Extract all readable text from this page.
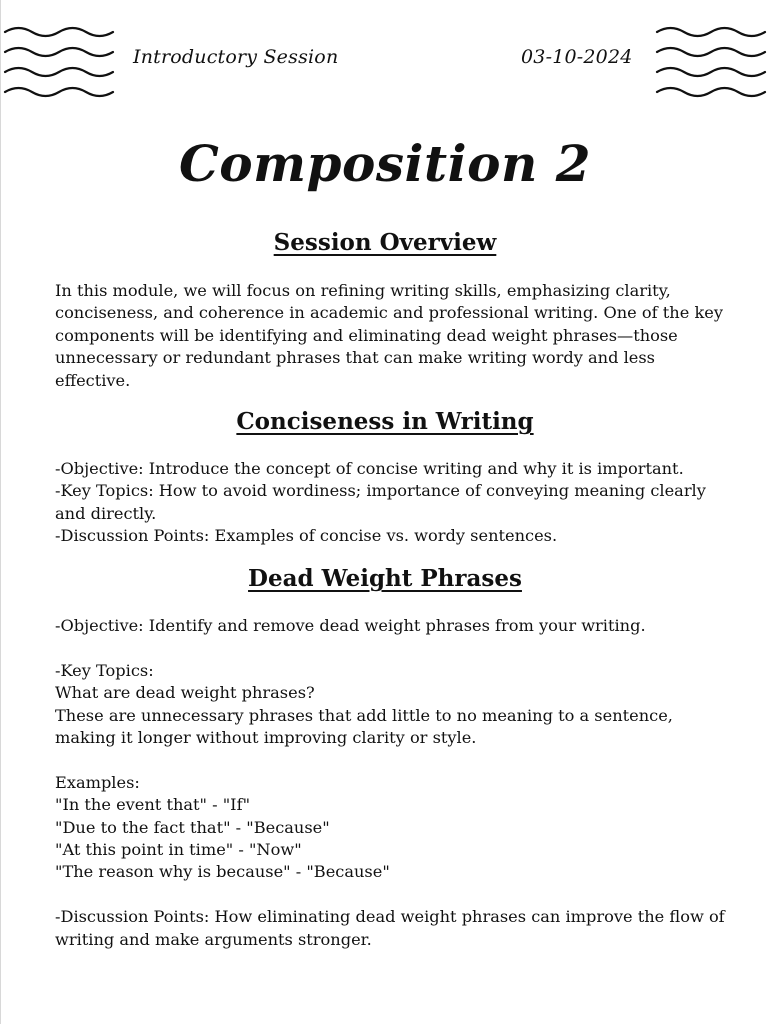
Introductory Session	03-10-2024
Composition 2
Session Overview
In this module, we will focus on refining writing skills, emphasizing clarity, conciseness, and coherence in academic and professional writing. One of the key components will be identifying and eliminating dead weight phrases—those unnecessary or redundant phrases that can make writing wordy and less effective.
Conciseness in Writing
-Objective: Introduce the concept of concise writing and why it is important.
-Key Topics: How to avoid wordiness; importance of conveying meaning clearly and directly.
-Discussion Points: Examples of concise vs. wordy sentences.
Dead Weight Phrases
-Objective: Identify and remove dead weight phrases from your writing.
-Key Topics:
What are dead weight phrases?
These are unnecessary phrases that add little to no meaning to a sentence, making it longer without improving clarity or style.
Examples:
"In the event that" - "If"
"Due to the fact that" - "Because"
"At this point in time" - "Now"
"The reason why is because" - "Because"
-Discussion Points: How eliminating dead weight phrases can improve the flow of writing and make arguments stronger.
